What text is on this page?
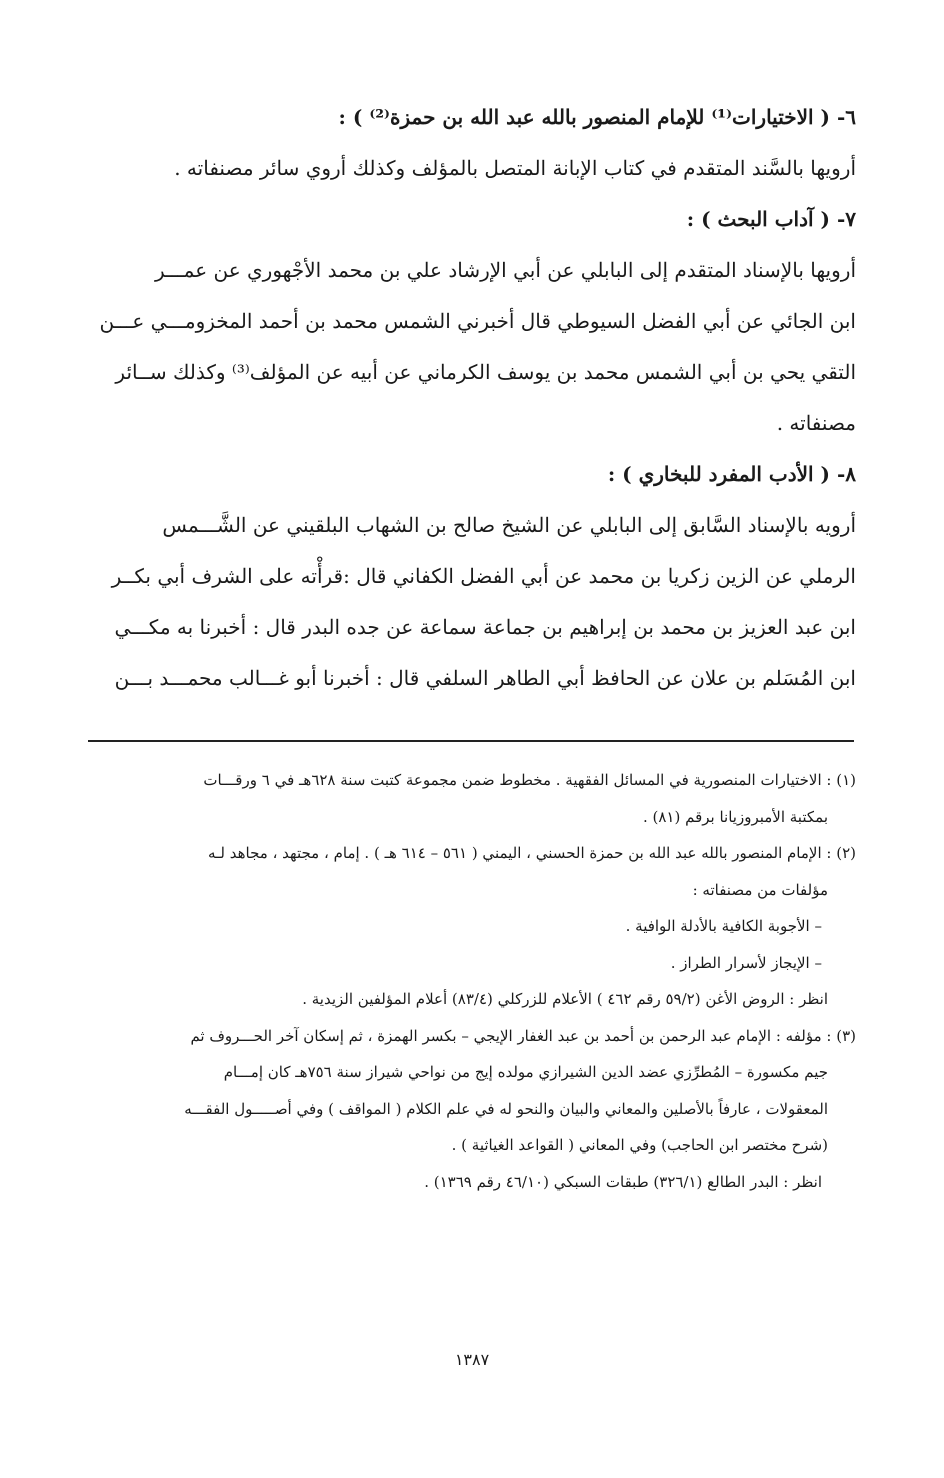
٦- ( الاختيارات⁽¹⁾ للإمام المنصور بالله عبد الله بن حمزة⁽²⁾ ) :
أرويها بالسَّند المتقدم في كتاب الإبانة المتصل بالمؤلف وكذلك أروي سائر مصنفاته .
٧- ( آداب البحث ) :
أرويها بالإسناد المتقدم إلى البابلي عن أبي الإرشاد علي بن محمد الأجْهوري عن عمـــر
ابن الجائي عن أبي الفضل السيوطي قال أخبرني الشمس محمد بن أحمد المخزومـــي عـــن
التقي يحي بن أبي الشمس محمد بن يوسف الكرماني عن أبيه عن المؤلف⁽³⁾ وكذلك ســائر
مصنفاته .
٨- ( الأدب المفرد للبخاري ) :
أرويه بالإسناد السَّابق إلى البابلي عن الشيخ صالح بن الشهاب البلقيني عن الشَّـــمس
الرملي عن الزين زكريا بن محمد عن أبي الفضل الكفاني قال :قرأْته على الشرف أبي بكــر
ابن عبد العزيز بن محمد بن إبراهيم بن جماعة سماعة عن جده البدر قال : أخبرنا به مكـــي
ابن المُسَلم بن علان عن الحافظ أبي الطاهر السلفي قال : أخبرنا أبو غـــالب محمـــد بـــن
(١) : الاختيارات المنصورية في المسائل الفقهية . مخطوط ضمن مجموعة كتبت سنة ٦٢٨هـ في ٦ ورقـــات
بمكتبة الأمبروزيانا برقم (٨١) .
(٢) : الإمام المنصور بالله عبد الله بن حمزة الحسني ، اليمني ( ٥٦١ – ٦١٤ هـ ) . إمام ، مجتهد ، مجاهد لـه
مؤلفات من مصنفاته :
– الأجوبة الكافية بالأدلة الوافية .
– الإيجاز لأسرار الطراز .
انظر : الروض الأغن (٥٩/٢ رقم ٤٦٢ ) الأعلام للزركلي (٨٣/٤) أعلام المؤلفين الزيدية .
(٣) : مؤلفه : الإمام عبد الرحمن بن أحمد بن عبد الغفار الإيجي – بكسر الهمزة ، ثم إسكان آخر الحـــروف ثم
جيم مكسورة – المُطرِّزي عضد الدين الشيرازي مولده إيج من نواحي شيراز سنة ٧٥٦هـ كان إمـــام
المعقولات ، عارفاً بالأصلين والمعاني والبيان والنحو له في علم الكلام ( المواقف ) وفي أصـــــول الفقـــه
(شرح مختصر ابن الحاجب) وفي المعاني ( القواعد الغياثية ) .
انظر : البدر الطالع (٣٢٦/١) طبقات السبكي (٤٦/١٠ رقم ١٣٦٩) .
١٣٨٧
